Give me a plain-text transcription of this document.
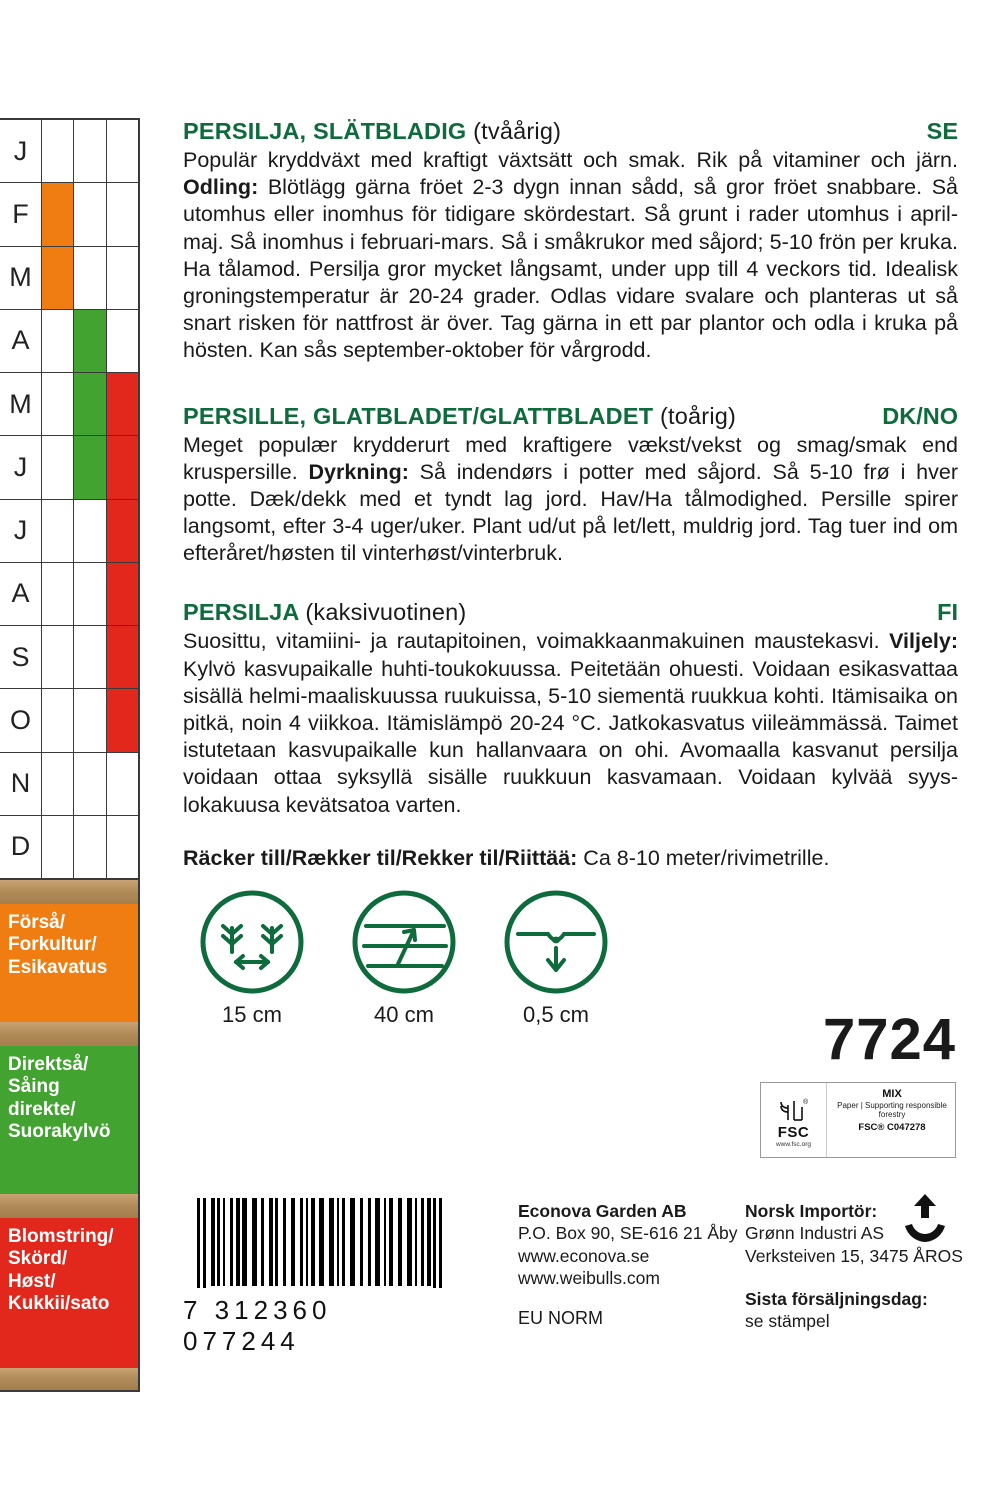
J
F
M
A
M
J
J
A
S
O
N
D
Förså/
Forkultur/
Esikavatus
Direktså/
Såing
direkte/
Suorakylvö
Blomstring/
Skörd/
Høst/
Kukkii/sato
PERSILJA, SLÄTBLADIG (tvåårig)	SE
Populär kryddväxt med kraftigt växtsätt och smak. Rik på vitaminer och järn. Odling: Blötlägg gärna fröet 2-3 dygn innan sådd, så gror fröet snabbare. Så utomhus eller inomhus för tidigare skördestart. Så grunt i rader utomhus i april-maj. Så inomhus i februari-mars. Så i småkrukor med såjord; 5-10 frön per kruka. Ha tålamod. Persilja gror mycket långsamt, under upp till 4 veckors tid. Idealisk groningstemperatur är 20-24 grader. Odlas vidare svalare och planteras ut så snart risken för nattfrost är över. Tag gärna in ett par plantor och odla i kruka på hösten. Kan sås september-oktober för vårgrodd.
PERSILLE, GLATBLADET/GLATTBLADET (toårig)	DK/NO
Meget populær krydderurt med kraftigere vækst/vekst og smag/smak end kruspersille. Dyrkning: Så indendørs i potter med såjord. Så 5-10 frø i hver potte. Dæk/dekk med et tyndt lag jord. Hav/Ha tålmodighed. Persille spirer langsomt, efter 3-4 uger/uker. Plant ud/ut på let/lett, muldrig jord. Tag tuer ind om efteråret/høsten til vinterhøst/vinterbruk.
PERSILJA (kaksivuotinen)	FI
Suosittu, vitamiini- ja rautapitoinen, voimakkaanmakuinen maustekasvi. Viljely: Kylvö kasvupaikalle huhti-toukokuussa. Peitetään ohuesti. Voidaan esikasvattaa sisällä helmi-maaliskuussa ruukuissa, 5-10 siementä ruukkua kohti. Itämisaika on pitkä, noin 4 viikkoa. Itämislämpö 20-24 °C. Jatkokasvatus viileämmässä. Taimet istutetaan kasvupaikalle kun hallanvaara on ohi. Avomaalla kasvanut persilja voidaan ottaa syksyllä sisälle ruukkuun kasvamaan. Voidaan kylvää syys-lokakuusa kevätsatoa varten.
Räcker till/Rækker til/Rekker til/Riittää: Ca 8-10 meter/rivimetrille.
15 cm	40 cm	0,5 cm	7724
®
FSC
www.fsc.org
MIX
Paper | Supporting responsible forestry
FSC® C047278
7 312360 077244
Econova Garden AB
P.O. Box 90, SE-616 21 Åby
www.econova.se
www.weibulls.com
EU NORM
Norsk Importör:
Grønn Industri AS
Verksteiven 15, 3475 ÅROS
Sista försäljningsdag:
se stämpel
